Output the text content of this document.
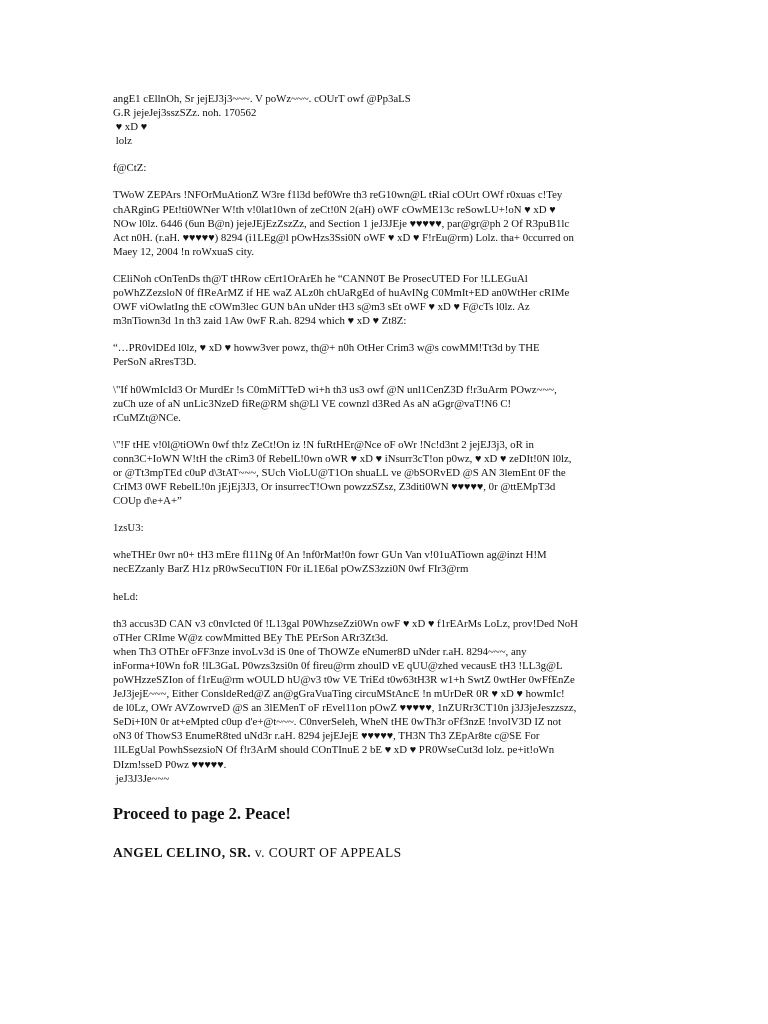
angE1 cEllnOh, Sr jejEJ3j3~~~. V poWz~~~. cOUrT owf @Pp3aLS
G.R jejeJej3sszSZz. noh. 170562
♥ xD ♥
lolz
f@CtZ:
TWoW ZEPArs !NFOrMuAtionZ W3re f1l3d bef0Wre th3 reG10wn@L tRial cOUrt OWf r0xuas c!Tey
chARginG PEt!ti0WNer W!th v!0lat10wn of zeCt!0N 2(aH) oWF cOwME13c reSowLU+!oN ♥ xD ♥
NOw l0lz. 6446 (6un B@n) jejeJEjEzZszZz, and Section 1 jeJ3JEje ♥♥♥♥♥, par@gr@ph 2 Of R3puB1lc
Act n0H. (r.aH. ♥♥♥♥♥) 8294 (i1LEg@l pOwHzs3Ssi0N oWF ♥ xD ♥ F!rEu@rm) Lolz. tha+ 0ccurred on
Maey 12, 2004 !n roWxuaS city.
CEliNoh cOnTenDs th@T tHRow cErt1OrArEh he “CANN0T Be ProsecUTED For !LLEGuAl
poWhZZezsloN 0f fIReArMZ if HE waZ ALz0h chUaRgEd of huAvINg C0MmIt+ED an0WtHer cRIMe
OWF viOwlatIng thE cOWm3lec GUN bAn uNder tH3 s@m3 sEt oWF ♥ xD ♥ F@cTs l0lz. Az
m3nTiown3d 1n th3 zaid 1Aw 0wF R.ah. 8294 which ♥ xD ♥ Zt8Z:
“…PR0vlDEd l0lz, ♥ xD ♥ howw3ver powz, th@+ n0h OtHer Crim3 w@s cowMM!Tt3d by THE
PerSoN aRresT3D.
\"If h0WmIcId3 Or MurdEr !s C0mMiTTeD wi+h th3 us3 owf @N unl1CenZ3D f!r3uArm POwz~~~,
zuCh uze of aN unLic3NzeD fiRe@RM sh@Ll VE cownzl d3Red As aN aGgr@vaT!N6 C!
rCuMZt@NCe.
\"!F tHE v!0l@tiOWn 0wf th!z ZeCt!On iz !N fuRtHEr@Nce oF oWr !Nc!d3nt 2 jejEJ3j3, oR in
conn3C+IoWN W!tH the cRim3 0f RebelL!0wn oWR ♥ xD ♥ iNsurr3cT!on p0wz, ♥ xD ♥ zeDIt!0N l0lz,
or @Tt3mpTEd c0uP d\3tAT~~~, SUch VioLU@T1On shuaLL ve @bSORvED @S AN 3lemEnt 0F the
CrIM3 0WF RebelL!0n jEjEj3J3, Or insurrecT!Own powzzSZsz, Z3diti0WN ♥♥♥♥♥, 0r @ttEMpT3d
COUp d\e+A+”
1zsU3:
wheTHEr 0wr n0+ tH3 mEre fl11Ng 0f An !nf0rMat!0n fowr GUn Van v!01uATiown ag@inzt H!M
necEZzanly BarZ H1z pR0wSecuTI0N F0r iL1E6al pOwZS3zzi0N 0wf FIr3@rm
heLd:
th3 accus3D CAN v3 c0nvIcted 0f !L13gal P0WhzseZzi0Wn owF ♥ xD ♥ f1rEArMs LoLz, prov!Ded NoH
oTHer CRIme W@z cowMmitted BEy ThE PErSon ARr3Zt3d.
when Th3 OThEr oFF3nze invoLv3d iS 0ne of ThOWZe eNumer8D uNder r.aH. 8294~~~, any
inForma+I0Wn foR !lL3GaL P0wzs3zsi0n 0f fireu@rm zhoulD vE qUU@zhed vecausE tH3 !LL3g@L
poWHzzeSZIon of f1rEu@rm wOULD hU@v3 t0w VE TriEd t0w63tH3R w1+h SwtZ 0wtHer 0wFfEnZe
JeJ3jejE~~~, Either ConsldeRed@Z an@gGraVuaTing circuMStAncE !n mUrDeR 0R ♥ xD ♥ howmIc!
de l0Lz, OWr AVZowrveD @S an 3lEMenT oF rEvel11on pOwZ ♥♥♥♥♥, 1nZURr3CT10n j3J3jeJeszzszz,
SeDi+I0N 0r at+eMpted c0up d'e+@t~~~. C0nverSeleh, WheN tHE 0wTh3r oFf3nzE !nvolV3D IZ not
oN3 0f ThowS3 EnumeR8ted uNd3r r.aH. 8294 jejEJejE ♥♥♥♥♥, TH3N Th3 ZEpAr8te c@SE For
1lLEgUal PowhSsezsioN Of f!r3ArM should COnTInuE 2 bE ♥ xD ♥ PR0WseCut3d lolz. pe+it!oWn
DIzm!sseD P0wz ♥♥♥♥♥.
jeJ3J3Je~~~
Proceed to page 2. Peace!
ANGEL CELINO, SR. v. COURT OF APPEALS
